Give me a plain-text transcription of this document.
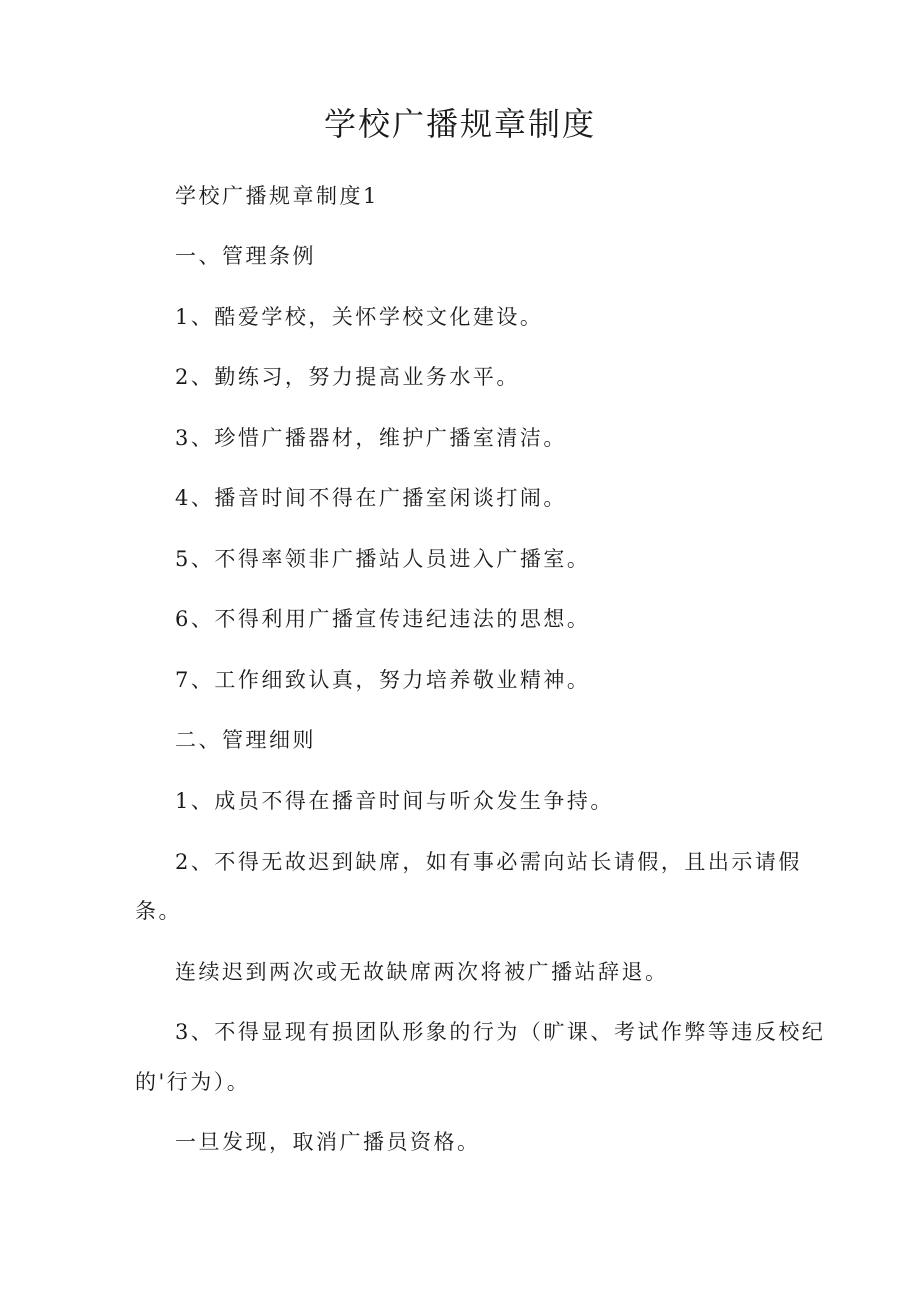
学校广播规章制度

学校广播规章制度1

一、管理条例

1、酷爱学校，关怀学校文化建设。

2、勤练习，努力提高业务水平。

3、珍惜广播器材，维护广播室清洁。

4、播音时间不得在广播室闲谈打闹。

5、不得率领非广播站人员进入广播室。

6、不得利用广播宣传违纪违法的思想。

7、工作细致认真，努力培养敬业精神。

二、管理细则

1、成员不得在播音时间与听众发生争持。

2、不得无故迟到缺席，如有事必需向站长请假，且出示请假

条。

连续迟到两次或无故缺席两次将被广播站辞退。

3、不得显现有损团队形象的行为（旷课、考试作弊等违反校纪

的'行为）。

一旦发现，取消广播员资格。
